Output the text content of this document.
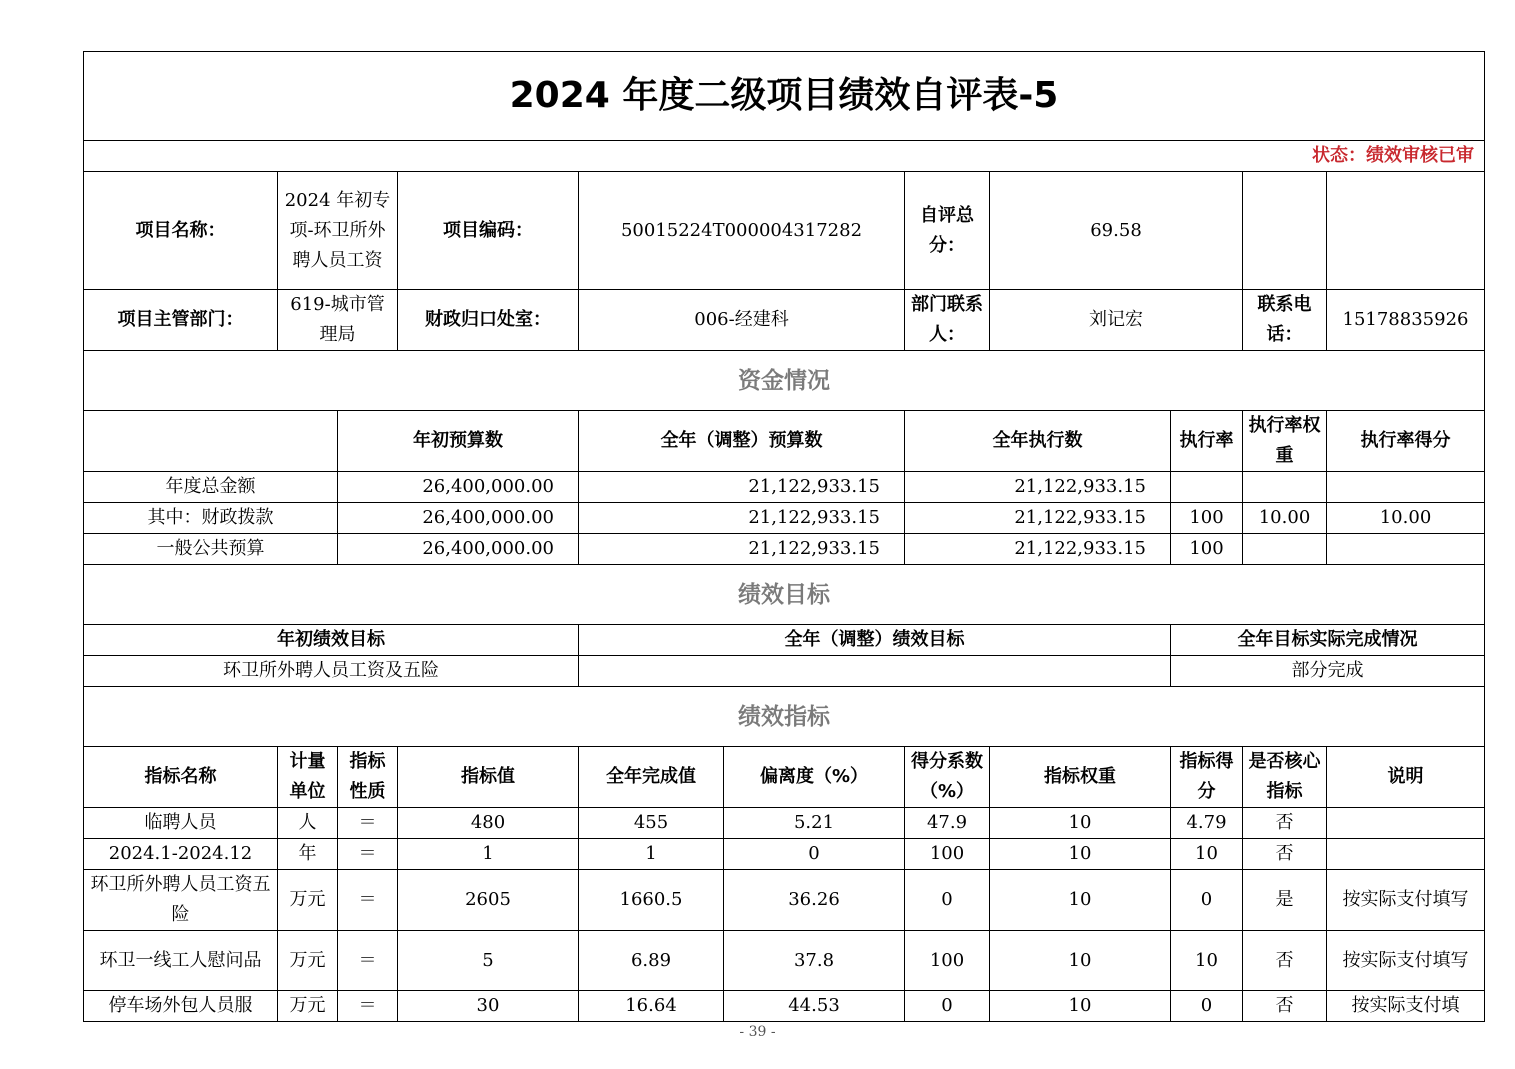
2024 年度二级项目绩效自评表-5										
状态：绩效审核已审										
项目名称：	2024 年初专项-环卫所外聘人员工资		项目编码：	50015224T000004317282		自评总分：	69.58			
项目主管部门：	619-城市管理局		财政归口处室：	006-经建科		部门联系人：	刘记宏		联系电话：	15178835926
资金情况										
		年初预算数		全年（调整）预算数		全年执行数		执行率	执行率权重	执行率得分
年度总金额		26,400,000.00		21,122,933.15		21,122,933.15				
其中：财政拨款		26,400,000.00		21,122,933.15		21,122,933.15		100	10.00	10.00
一般公共预算		26,400,000.00		21,122,933.15		21,122,933.15		100		
绩效目标										
年初绩效目标				全年（调整）绩效目标				全年目标实际完成情况		
环卫所外聘人员工资及五险								部分完成		
绩效指标										
指标名称	计量单位	指标性质	指标值	全年完成值	偏离度（%）	得分系数（%）	指标权重	指标得分	是否核心指标	说明
临聘人员	人	＝	480	455	5.21	47.9	10	4.79	否	
2024.1-2024.12	年	＝	1	1	0	100	10	10	否	
环卫所外聘人员工资五险	万元	＝	2605	1660.5	36.26	0	10	0	是	按实际支付填写
环卫一线工人慰问品	万元	＝	5	6.89	37.8	100	10	10	否	按实际支付填写
停车场外包人员服	万元	＝	30	16.64	44.53	0	10	0	否	按实际支付填
- 39 -
